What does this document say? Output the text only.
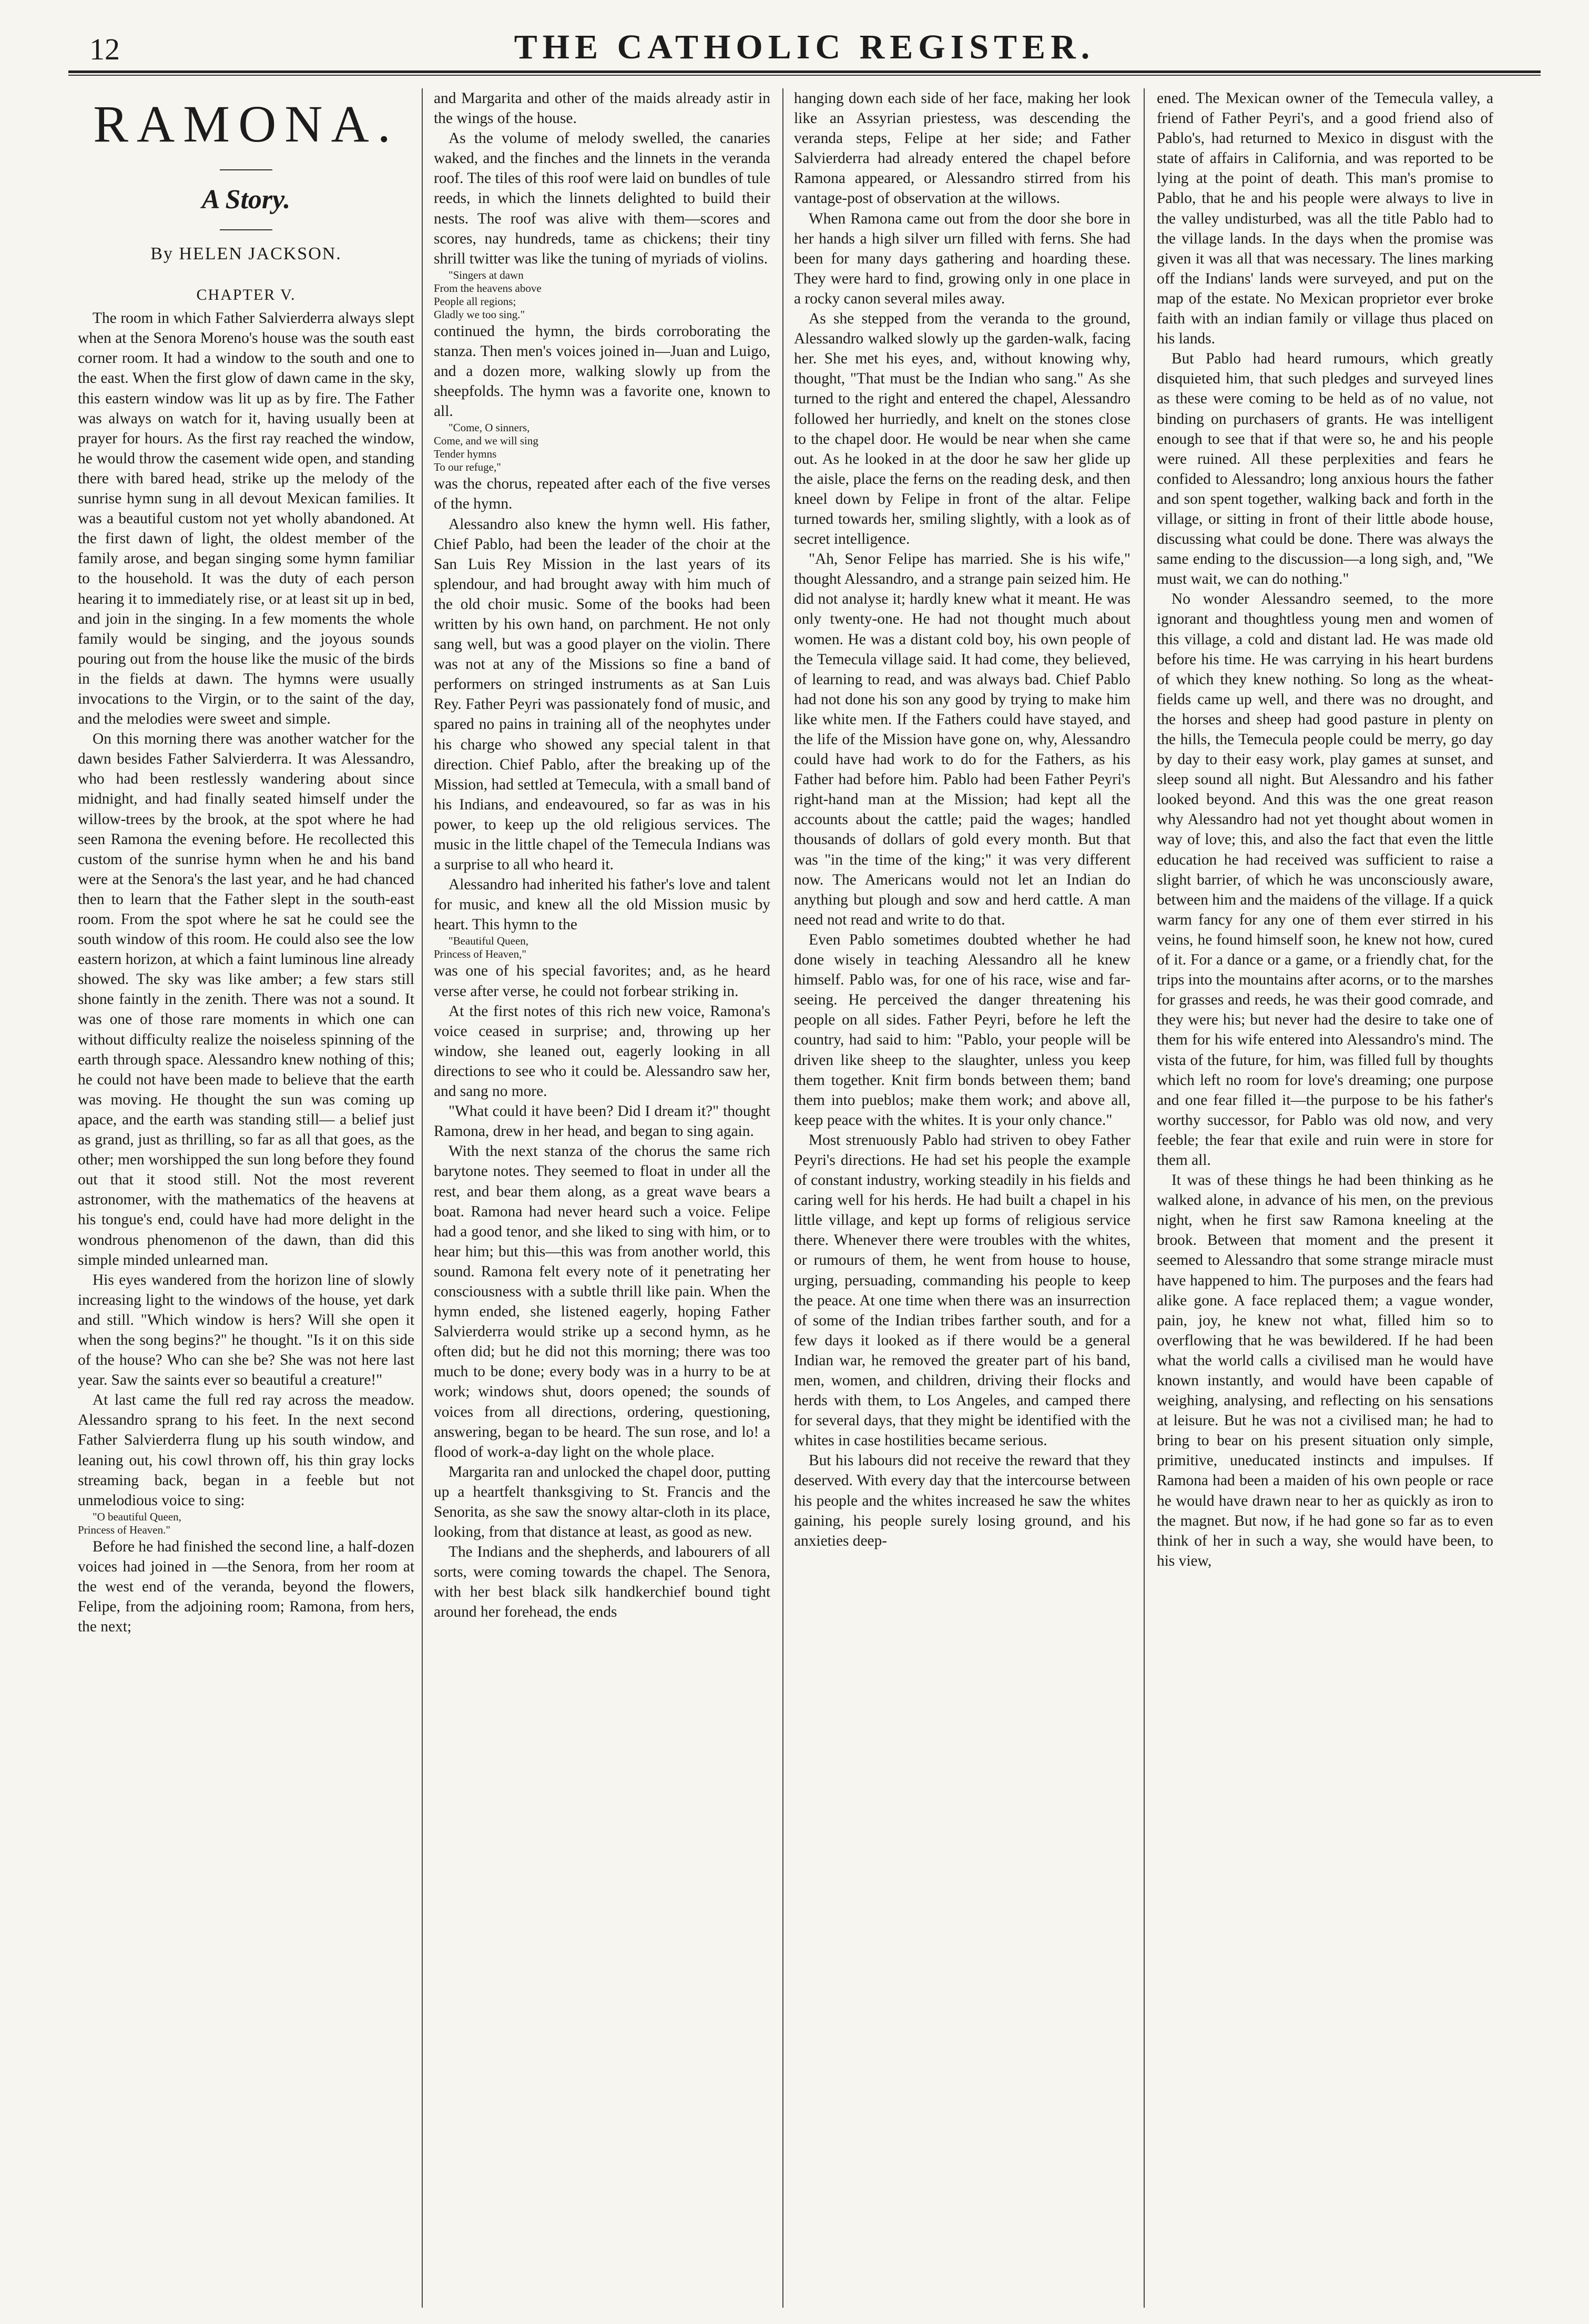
12	THE CATHOLIC REGISTER.
RAMONA.
A Story.
By HELEN JACKSON.
CHAPTER V.

The room in which Father Salvierderra always slept when at the Senora Moreno's house was the south east corner room. It had a window to the south and one to the east. When the first glow of dawn came in the sky, this eastern window was lit up as by fire. The Father was always on watch for it, having usually been at prayer for hours. As the first ray reached the window, he would throw the casement wide open, and standing there with bared head, strike up the melody of the sunrise hymn sung in all devout Mexican families. It was a beautiful custom not yet wholly abandoned. At the first dawn of light, the oldest member of the family arose, and began singing some hymn familiar to the household. It was the duty of each person hearing it to immediately rise, or at least sit up in bed, and join in the singing. In a few moments the whole family would be singing, and the joyous sounds pouring out from the house like the music of the birds in the fields at dawn. The hymns were usually invocations to the Virgin, or to the saint of the day, and the melodies were sweet and simple.

On this morning there was another watcher for the dawn besides Father Salvierderra. It was Alessandro, who had been restlessly wandering about since midnight, and had finally seated himself under the willow-trees by the brook, at the spot where he had seen Ramona the evening before. He recollected this custom of the sunrise hymn when he and his band were at the Senora's the last year, and he had chanced then to learn that the Father slept in the south-east room. From the spot where he sat he could see the south window of this room. He could also see the low eastern horizon, at which a faint luminous line already showed. The sky was like amber; a few stars still shone faintly in the zenith. There was not a sound. It was one of those rare moments in which one can without difficulty realize the noiseless spinning of the earth through space. Alessandro knew nothing of this; he could not have been made to believe that the earth was moving. He thought the sun was coming up apace, and the earth was standing still— a belief just as grand, just as thrilling, so far as all that goes, as the other; men worshipped the sun long before they found out that it stood still. Not the most reverent astronomer, with the mathematics of the heavens at his tongue's end, could have had more delight in the wondrous phenomenon of the dawn, than did this simple minded unlearned man.

His eyes wandered from the horizon line of slowly increasing light to the windows of the house, yet dark and still. "Which window is hers? Will she open it when the song begins?" he thought. "Is it on this side of the house? Who can she be? She was not here last year. Saw the saints ever so beautiful a creature!"

At last came the full red ray across the meadow. Alessandro sprang to his feet. In the next second Father Salvierderra flung up his south window, and leaning out, his cowl thrown off, his thin gray locks streaming back, began in a feeble but not unmelodious voice to sing:

"O beautiful Queen,
Princess of Heaven."

Before he had finished the second line, a half-dozen voices had joined in —the Senora, from her room at the west end of the veranda, beyond the flowers, Felipe, from the adjoining room; Ramona, from hers, the next;

and Margarita and other of the maids already astir in the wings of the house.

As the volume of melody swelled, the canaries waked, and the finches and the linnets in the veranda roof. The tiles of this roof were laid on bundles of tule reeds, in which the linnets delighted to build their nests. The roof was alive with them—scores and scores, nay hundreds, tame as chickens; their tiny shrill twitter was like the tuning of myriads of violins.

"Singers at dawn
From the heavens above
People all regions;
Gladly we too sing."

continued the hymn, the birds corroborating the stanza. Then men's voices joined in—Juan and Luigo, and a dozen more, walking slowly up from the sheepfolds. The hymn was a favorite one, known to all.

"Come, O sinners,
Come, and we will sing
Tender hymns
To our refuge,"

was the chorus, repeated after each of the five verses of the hymn.

Alessandro also knew the hymn well. His father, Chief Pablo, had been the leader of the choir at the San Luis Rey Mission in the last years of its splendour, and had brought away with him much of the old choir music. Some of the books had been written by his own hand, on parchment. He not only sang well, but was a good player on the violin. There was not at any of the Missions so fine a band of performers on stringed instruments as at San Luis Rey. Father Peyri was passionately fond of music, and spared no pains in training all of the neophytes under his charge who showed any special talent in that direction. Chief Pablo, after the breaking up of the Mission, had settled at Temecula, with a small band of his Indians, and endeavoured, so far as was in his power, to keep up the old religious services. The music in the little chapel of the Temecula Indians was a surprise to all who heard it.

Alessandro had inherited his father's love and talent for music, and knew all the old Mission music by heart. This hymn to the

"Beautiful Queen,
Princess of Heaven,"

was one of his special favorites; and, as he heard verse after verse, he could not forbear striking in.

At the first notes of this rich new voice, Ramona's voice ceased in surprise; and, throwing up her window, she leaned out, eagerly looking in all directions to see who it could be. Alessandro saw her, and sang no more.

"What could it have been? Did I dream it?" thought Ramona, drew in her head, and began to sing again.

With the next stanza of the chorus the same rich barytone notes. They seemed to float in under all the rest, and bear them along, as a great wave bears a boat. Ramona had never heard such a voice. Felipe had a good tenor, and she liked to sing with him, or to hear him; but this—this was from another world, this sound. Ramona felt every note of it penetrating her consciousness with a subtle thrill like pain. When the hymn ended, she listened eagerly, hoping Father Salvierderra would strike up a second hymn, as he often did; but he did not this morning; there was too much to be done; every body was in a hurry to be at work; windows shut, doors opened; the sounds of voices from all directions, ordering, questioning, answering, began to be heard. The sun rose, and lo! a flood of work-a-day light on the whole place.

Margarita ran and unlocked the chapel door, putting up a heartfelt thanksgiving to St. Francis and the Senorita, as she saw the snowy altar-cloth in its place, looking, from that distance at least, as good as new.

The Indians and the shepherds, and labourers of all sorts, were coming towards the chapel. The Senora, with her best black silk handkerchief bound tight around her forehead, the ends

hanging down each side of her face, making her look like an Assyrian priestess, was descending the veranda steps, Felipe at her side; and Father Salvierderra had already entered the chapel before Ramona appeared, or Alessandro stirred from his vantage-post of observation at the willows.

When Ramona came out from the door she bore in her hands a high silver urn filled with ferns. She had been for many days gathering and hoarding these. They were hard to find, growing only in one place in a rocky canon several miles away.

As she stepped from the veranda to the ground, Alessandro walked slowly up the garden-walk, facing her. She met his eyes, and, without knowing why, thought, "That must be the Indian who sang." As she turned to the right and entered the chapel, Alessandro followed her hurriedly, and knelt on the stones close to the chapel door. He would be near when she came out. As he looked in at the door he saw her glide up the aisle, place the ferns on the reading desk, and then kneel down by Felipe in front of the altar. Felipe turned towards her, smiling slightly, with a look as of secret intelligence.

"Ah, Senor Felipe has married. She is his wife," thought Alessandro, and a strange pain seized him. He did not analyse it; hardly knew what it meant. He was only twenty-one. He had not thought much about women. He was a distant cold boy, his own people of the Temecula village said. It had come, they believed, of learning to read, and was always bad. Chief Pablo had not done his son any good by trying to make him like white men. If the Fathers could have stayed, and the life of the Mission have gone on, why, Alessandro could have had work to do for the Fathers, as his Father had before him. Pablo had been Father Peyri's right-hand man at the Mission; had kept all the accounts about the cattle; paid the wages; handled thousands of dollars of gold every month. But that was "in the time of the king;" it was very different now. The Americans would not let an Indian do anything but plough and sow and herd cattle. A man need not read and write to do that.

Even Pablo sometimes doubted whether he had done wisely in teaching Alessandro all he knew himself. Pablo was, for one of his race, wise and far-seeing. He perceived the danger threatening his people on all sides. Father Peyri, before he left the country, had said to him: "Pablo, your people will be driven like sheep to the slaughter, unless you keep them together. Knit firm bonds between them; band them into pueblos; make them work; and above all, keep peace with the whites. It is your only chance."

Most strenuously Pablo had striven to obey Father Peyri's directions. He had set his people the example of constant industry, working steadily in his fields and caring well for his herds. He had built a chapel in his little village, and kept up forms of religious service there. Whenever there were troubles with the whites, or rumours of them, he went from house to house, urging, persuading, commanding his people to keep the peace. At one time when there was an insurrection of some of the Indian tribes farther south, and for a few days it looked as if there would be a general Indian war, he removed the greater part of his band, men, women, and children, driving their flocks and herds with them, to Los Angeles, and camped there for several days, that they might be identified with the whites in case hostilities became serious.

But his labours did not receive the reward that they deserved. With every day that the intercourse between his people and the whites increased he saw the whites gaining, his people surely losing ground, and his anxieties deep-

ened. The Mexican owner of the Temecula valley, a friend of Father Peyri's, and a good friend also of Pablo's, had returned to Mexico in disgust with the state of affairs in California, and was reported to be lying at the point of death. This man's promise to Pablo, that he and his people were always to live in the valley undisturbed, was all the title Pablo had to the village lands. In the days when the promise was given it was all that was necessary. The lines marking off the Indians' lands were surveyed, and put on the map of the estate. No Mexican proprietor ever broke faith with an indian family or village thus placed on his lands.

But Pablo had heard rumours, which greatly disquieted him, that such pledges and surveyed lines as these were coming to be held as of no value, not binding on purchasers of grants. He was intelligent enough to see that if that were so, he and his people were ruined. All these perplexities and fears he confided to Alessandro; long anxious hours the father and son spent together, walking back and forth in the village, or sitting in front of their little abode house, discussing what could be done. There was always the same ending to the discussion—a long sigh, and, "We must wait, we can do nothing."

No wonder Alessandro seemed, to the more ignorant and thoughtless young men and women of this village, a cold and distant lad. He was made old before his time. He was carrying in his heart burdens of which they knew nothing. So long as the wheat-fields came up well, and there was no drought, and the horses and sheep had good pasture in plenty on the hills, the Temecula people could be merry, go day by day to their easy work, play games at sunset, and sleep sound all night. But Alessandro and his father looked beyond. And this was the one great reason why Alessandro had not yet thought about women in way of love; this, and also the fact that even the little education he had received was sufficient to raise a slight barrier, of which he was unconsciously aware, between him and the maidens of the village. If a quick warm fancy for any one of them ever stirred in his veins, he found himself soon, he knew not how, cured of it. For a dance or a game, or a friendly chat, for the trips into the mountains after acorns, or to the marshes for grasses and reeds, he was their good comrade, and they were his; but never had the desire to take one of them for his wife entered into Alessandro's mind. The vista of the future, for him, was filled full by thoughts which left no room for love's dreaming; one purpose and one fear filled it—the purpose to be his father's worthy successor, for Pablo was old now, and very feeble; the fear that exile and ruin were in store for them all.

It was of these things he had been thinking as he walked alone, in advance of his men, on the previous night, when he first saw Ramona kneeling at the brook. Between that moment and the present it seemed to Alessandro that some strange miracle must have happened to him. The purposes and the fears had alike gone. A face replaced them; a vague wonder, pain, joy, he knew not what, filled him so to overflowing that he was bewildered. If he had been what the world calls a civilised man he would have known instantly, and would have been capable of weighing, analysing, and reflecting on his sensations at leisure. But he was not a civilised man; he had to bring to bear on his present situation only simple, primitive, uneducated instincts and impulses. If Ramona had been a maiden of his own people or race he would have drawn near to her as quickly as iron to the magnet. But now, if he had gone so far as to even think of her in such a way, she would have been, to his view,
